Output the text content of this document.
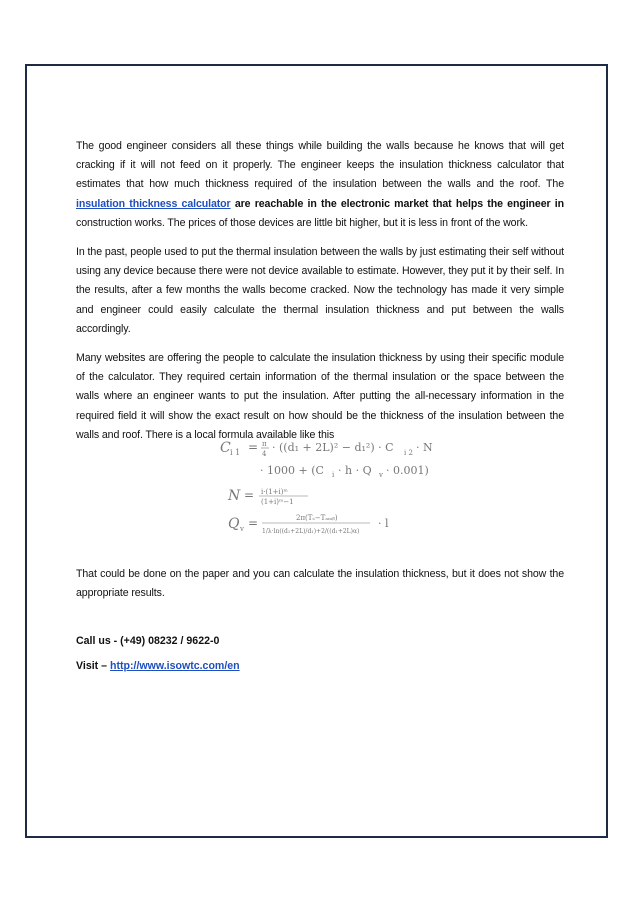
The good engineer considers all these things while building the walls because he knows that will get cracking if it will not feed on it properly. The engineer keeps the insulation thickness calculator that estimates that how much thickness required of the insulation between the walls and the roof. The insulation thickness calculator are reachable in the electronic market that helps the engineer in construction works. The prices of those devices are little bit higher, but it is less in front of the work.

In the past, people used to put the thermal insulation between the walls by just estimating their self without using any device because there were not device available to estimate. However, they put it by their self. In the results, after a few months the walls become cracked. Now the technology has made it very simple and engineer could easily calculate the thermal insulation thickness and put between the walls accordingly.

Many websites are offering the people to calculate the insulation thickness by using their specific module of the calculator. They required certain information of the thermal insulation or the space between the walls where an engineer wants to put the insulation. After putting the all-necessary information in the required field it will show the exact result on how should be the thickness of the insulation between the walls and roof. There is a local formula available like this

C i 1 = π
4 · ((d₁ + 2L)² − d₁²) · C i 2 · N
· 1000 + (C i · h · Q v · 0.001)
N = i·(1+i)ᵐ
(1+i)ᵐ−1
Q v =	2π(Tₛ−Tₐₘᵦ)
1/λ·ln((d₁+2L)/d₁)+2/((d₁+2L)α)
· l

That could be done on the paper and you can calculate the insulation thickness, but it does not show the appropriate results.

Call us - (+49) 08232 / 9622-0
Visit – http://www.isowtc.com/en
